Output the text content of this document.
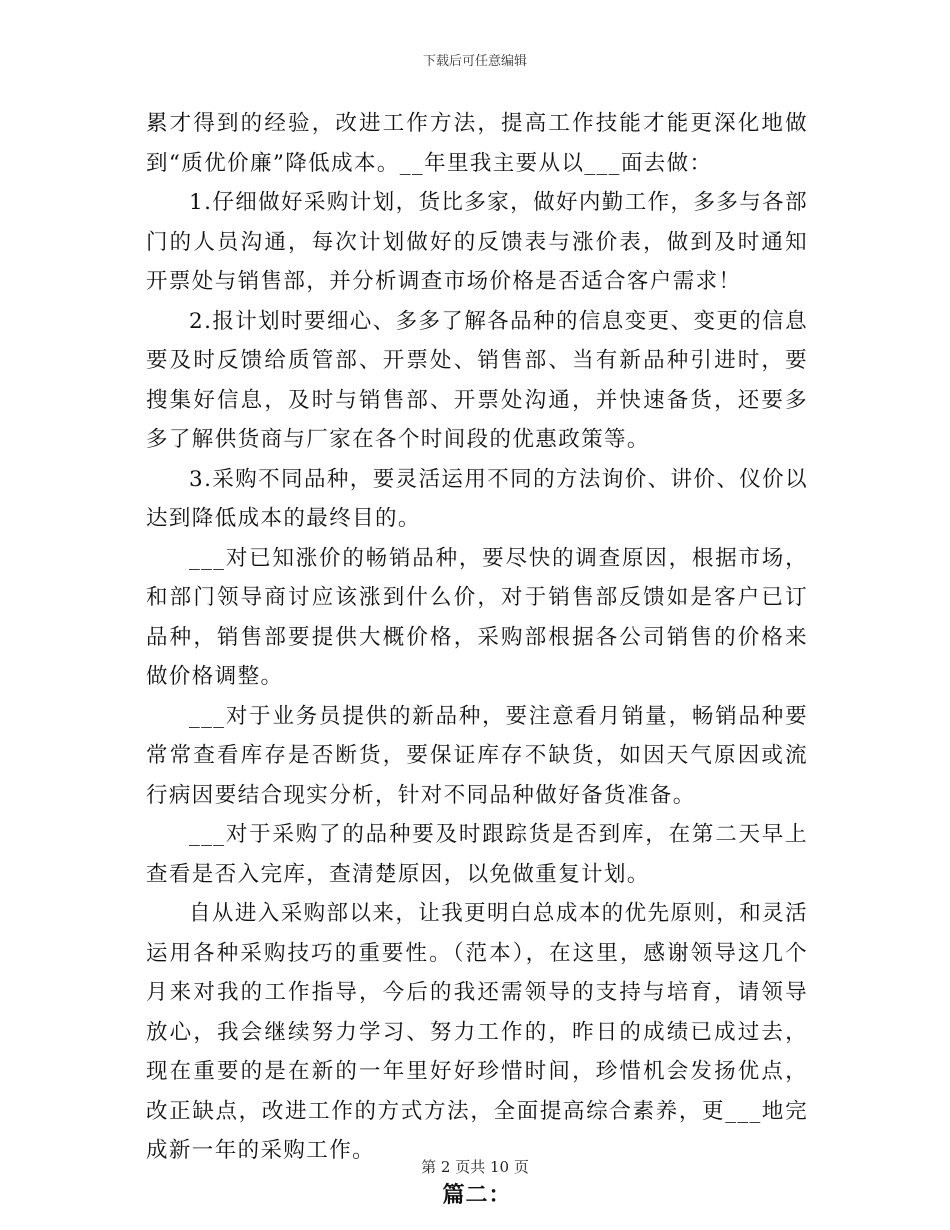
下载后可任意编辑

累才得到的经验，改进工作方法，提高工作技能才能更深化地做到“质优价廉”降低成本。__年里我主要从以___面去做：

1.仔细做好采购计划，货比多家，做好内勤工作，多多与各部门的人员沟通，每次计划做好的反馈表与涨价表，做到及时通知开票处与销售部，并分析调查市场价格是否适合客户需求！

2.报计划时要细心、多多了解各品种的信息变更、变更的信息要及时反馈给质管部、开票处、销售部、当有新品种引进时，要搜集好信息，及时与销售部、开票处沟通，并快速备货，还要多多了解供货商与厂家在各个时间段的优惠政策等。

3.采购不同品种，要灵活运用不同的方法询价、讲价、仪价以达到降低成本的最终目的。

___对已知涨价的畅销品种，要尽快的调查原因，根据市场，和部门领导商讨应该涨到什么价，对于销售部反馈如是客户已订品种，销售部要提供大概价格，采购部根据各公司销售的价格来做价格调整。

___对于业务员提供的新品种，要注意看月销量，畅销品种要常常查看库存是否断货，要保证库存不缺货，如因天气原因或流行病因要结合现实分析，针对不同品种做好备货准备。

___对于采购了的品种要及时跟踪货是否到库，在第二天早上查看是否入完库，查清楚原因，以免做重复计划。

自从进入采购部以来，让我更明白总成本的优先原则，和灵活运用各种采购技巧的重要性。（范本），在这里，感谢领导这几个月来对我的工作指导，今后的我还需领导的支持与培育，请领导放心，我会继续努力学习、努力工作的，昨日的成绩已成过去，现在重要的是在新的一年里好好珍惜时间，珍惜机会发扬优点，改正缺点，改进工作的方式方法，全面提高综合素养，更___地完成新一年的采购工作。

篇二：
第 2 页共 10 页
